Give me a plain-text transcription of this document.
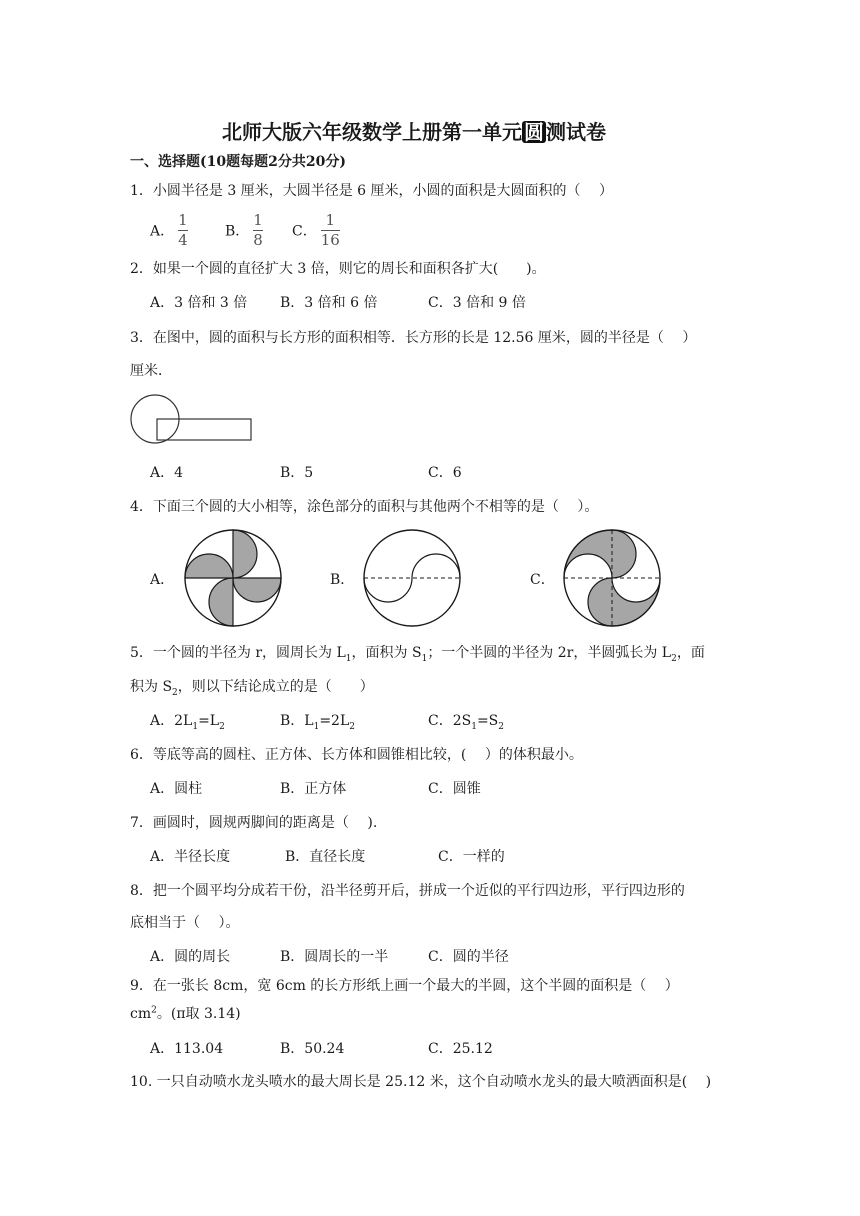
北师大版六年级数学上册第一单元 圆 测试卷
一、选择题(10题每题2分共20分)
1．小圆半径是 3 厘米，大圆半径是 6 厘米，小圆的面积是大圆面积的（　 ）
A． $\frac{1}{4}$	B． $\frac{1}{8}$ C． $\frac{1}{16}$
2．如果一个圆的直径扩大 3 倍，则它的周长和面积各扩大(　　)。
A．3 倍和 3 倍 B．3 倍和 6 倍	C．3 倍和 9 倍
3．在图中，圆的面积与长方形的面积相等．长方形的长是 12.56 厘米，圆的半径是（　 ）
厘米．
A．4	B．5	C．6
4．下面三个圆的大小相等，涂色部分的面积与其他两个不相等的是（　 ）。
A．	B．	C．
5．一个圆的半径为 r，圆周长为 $L_1$，面积为 $S_1$；一个半圆的半径为 2r，半圆弧长为 $L_2$，面
积为 $S_2$，则以下结论成立的是（　　）
A．$2L_1=L_2$	B．$L_1=2L_2$	C．$2S_1=S_2$
6．等底等高的圆柱、正方体、长方体和圆锥相比较，(　 ）的体积最小。
A．圆柱	B．正方体	C．圆锥
7．画圆时，圆规两脚间的距离是（　 ).
A．半径长度	B．直径长度	C．一样的
8．把一个圆平均分成若干份，沿半径剪开后，拼成一个近似的平行四边形，平行四边形的
底相当于（　 ）。
A．圆的周长	B．圆周长的一半	C．圆的半径
9．在一张长 8cm，宽 6cm 的长方形纸上画一个最大的半圆，这个半圆的面积是（　 ）
$cm^2$。(π取 3.14)
A．113.04	B．50.24	C．25.12
10. 一只自动喷水龙头喷水的最大周长是 25.12 米，这个自动喷水龙头的最大喷洒面积是(　 )
